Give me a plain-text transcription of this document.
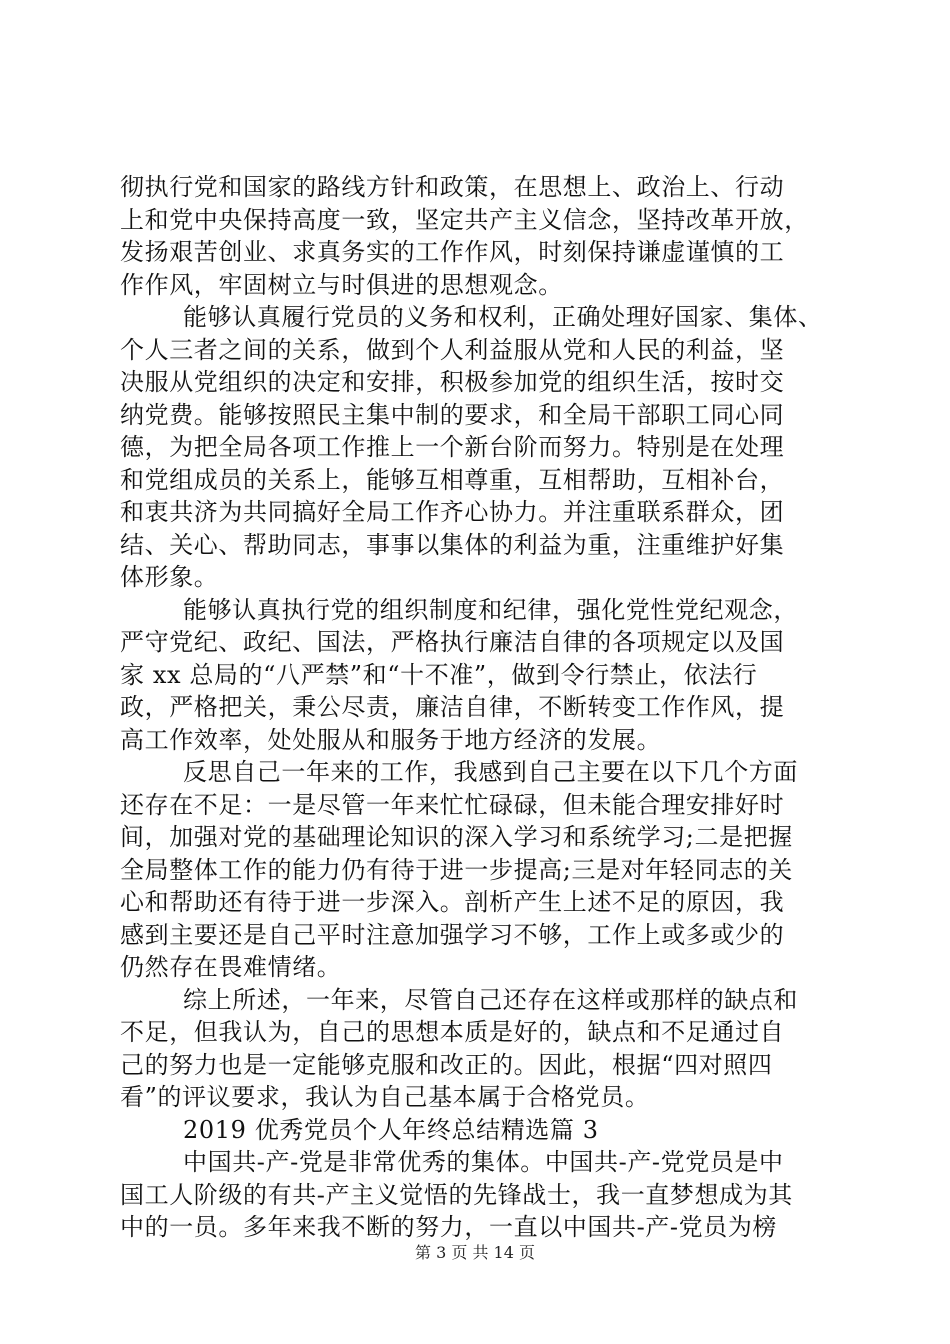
彻执行党和国家的路线方针和政策，在思想上、政治上、行动
上和党中央保持高度一致，坚定共产主义信念，坚持改革开放，
发扬艰苦创业、求真务实的工作作风，时刻保持谦虚谨慎的工
作作风，牢固树立与时俱进的思想观念。
能够认真履行党员的义务和权利，正确处理好国家、集体、
个人三者之间的关系，做到个人利益服从党和人民的利益，坚
决服从党组织的决定和安排，积极参加党的组织生活，按时交
纳党费。能够按照民主集中制的要求，和全局干部职工同心同
德，为把全局各项工作推上一个新台阶而努力。特别是在处理
和党组成员的关系上，能够互相尊重，互相帮助，互相补台，
和衷共济为共同搞好全局工作齐心协力。并注重联系群众，团
结、关心、帮助同志，事事以集体的利益为重，注重维护好集
体形象。
能够认真执行党的组织制度和纪律，强化党性党纪观念，
严守党纪、政纪、国法，严格执行廉洁自律的各项规定以及国
家 xx 总局的“八严禁”和“十不准”，做到令行禁止，依法行
政，严格把关，秉公尽责，廉洁自律，不断转变工作作风，提
高工作效率，处处服从和服务于地方经济的发展。
反思自己一年来的工作，我感到自己主要在以下几个方面
还存在不足：一是尽管一年来忙忙碌碌，但未能合理安排好时
间，加强对党的基础理论知识的深入学习和系统学习;二是把握
全局整体工作的能力仍有待于进一步提高;三是对年轻同志的关
心和帮助还有待于进一步深入。剖析产生上述不足的原因，我
感到主要还是自己平时注意加强学习不够，工作上或多或少的
仍然存在畏难情绪。
综上所述，一年来，尽管自己还存在这样或那样的缺点和
不足，但我认为，自己的思想本质是好的，缺点和不足通过自
己的努力也是一定能够克服和改正的。因此，根据“四对照四
看”的评议要求，我认为自己基本属于合格党员。
2019 优秀党员个人年终总结精选篇 3
中国共-产-党是非常优秀的集体。中国共-产-党党员是中
国工人阶级的有共-产主义觉悟的先锋战士，我一直梦想成为其
中的一员。多年来我不断的努力，一直以中国共-产-党员为榜
第 3 页 共 14 页
